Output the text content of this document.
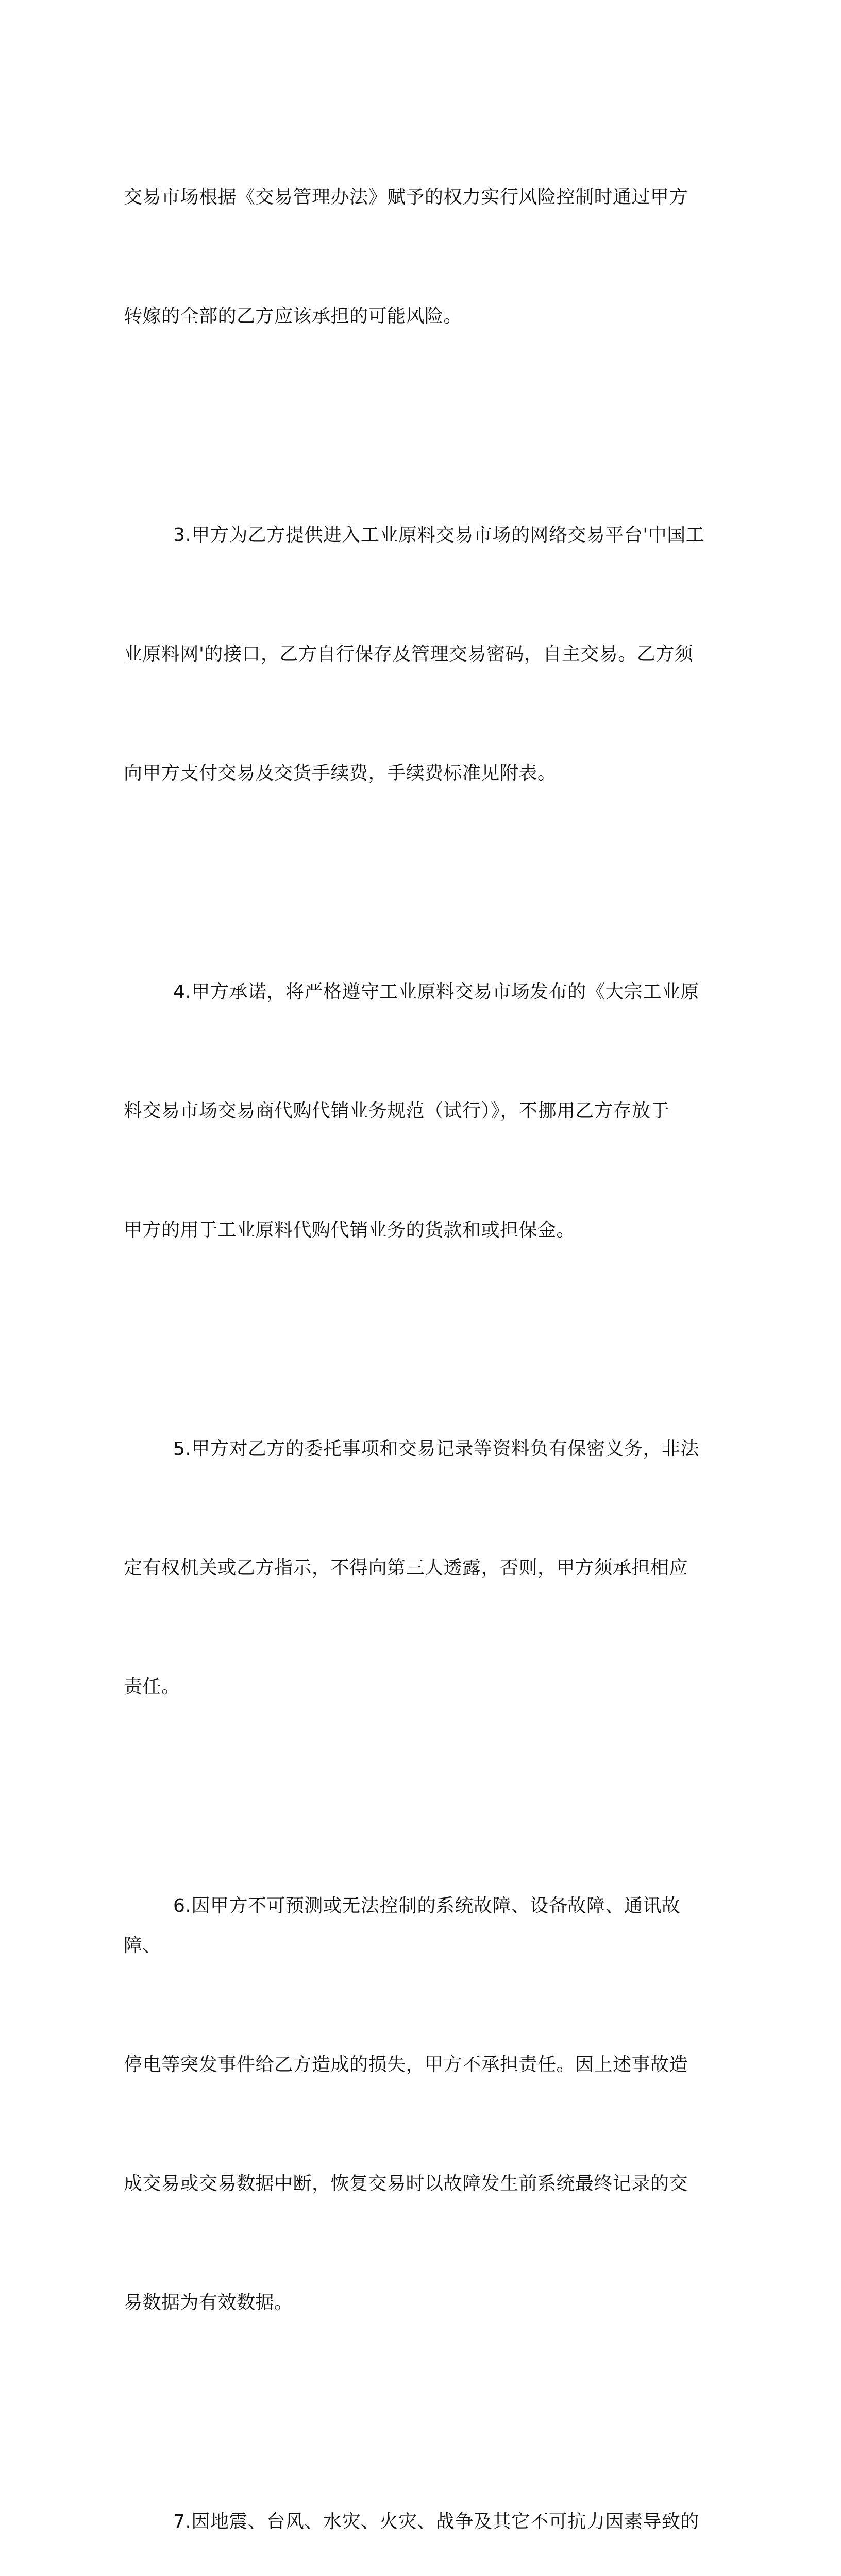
交易市场根据《交易管理办法》赋予的权力实行风险控制时通过甲方

转嫁的全部的乙方应该承担的可能风险。

3.甲方为乙方提供进入工业原料交易市场的网络交易平台'中国工

业原料网'的接口，乙方自行保存及管理交易密码，自主交易。乙方须

向甲方支付交易及交货手续费，手续费标准见附表。

4.甲方承诺，将严格遵守工业原料交易市场发布的《大宗工业原

料交易市场交易商代购代销业务规范（试行）》，不挪用乙方存放于

甲方的用于工业原料代购代销业务的货款和或担保金。

5.甲方对乙方的委托事项和交易记录等资料负有保密义务，非法

定有权机关或乙方指示，不得向第三人透露，否则，甲方须承担相应

责任。

6.因甲方不可预测或无法控制的系统故障、设备故障、通讯故障、

停电等突发事件给乙方造成的损失，甲方不承担责任。因上述事故造

成交易或交易数据中断，恢复交易时以故障发生前系统最终记录的交

易数据为有效数据。

7.因地震、台风、水灾、火灾、战争及其它不可抗力因素导致的
